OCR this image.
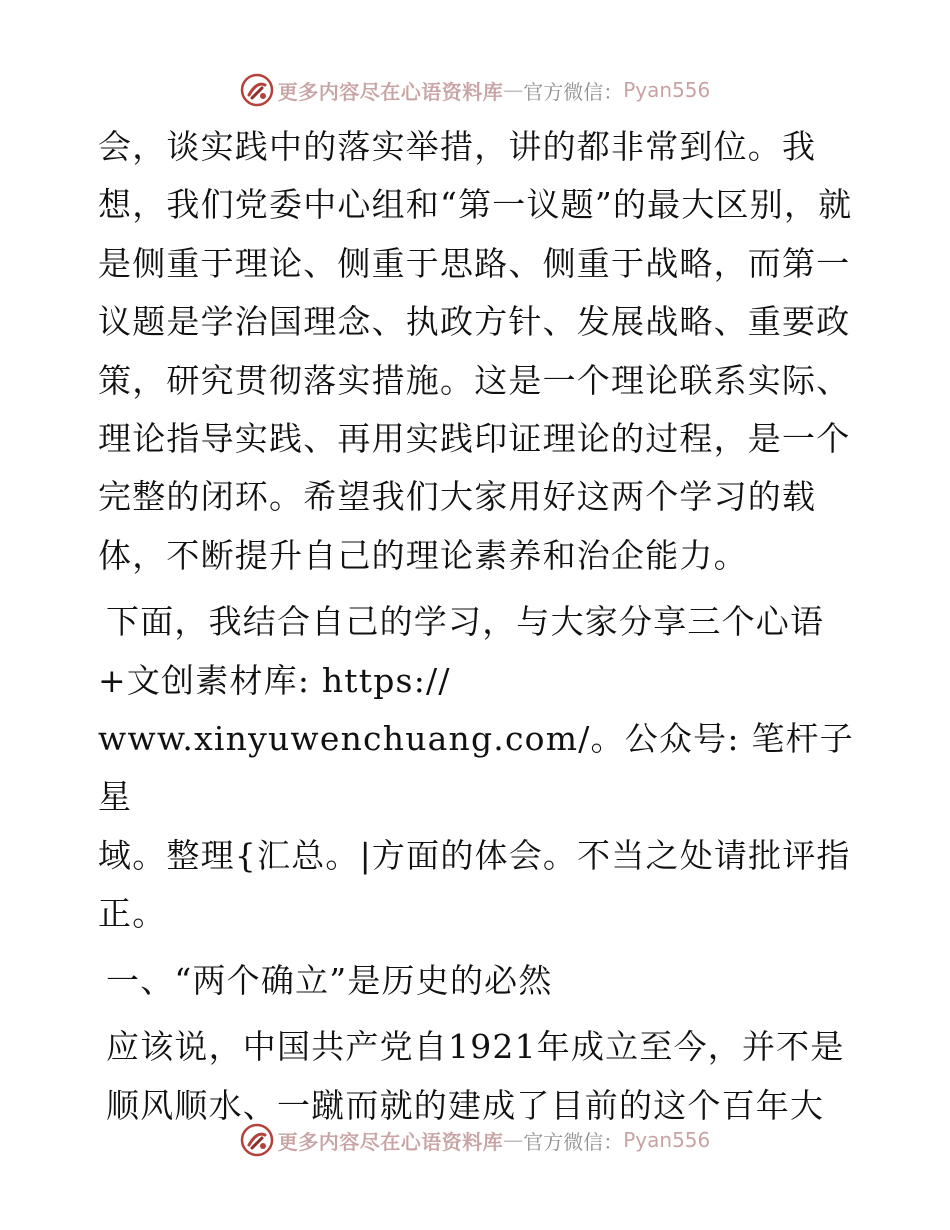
更多内容尽在心语资料库 — 官方微信： Pyan556

会，谈实践中的落实举措，讲的都非常到位。我想，我们党委中心组和“第一议题”的最大区别，就是侧重于理论、侧重于思路、侧重于战略，而第一议题是学治国理念、执政方针、发展战略、重要政策，研究贯彻落实措施。这是一个理论联系实际、理论指导实践、再用实践印证理论的过程，是一个完整的闭环。希望我们大家用好这两个学习的载体，不断提升自己的理论素养和治企能力。

下面，我结合自己的学习，与大家分享三个心语

+文创素材库: https://

www.xinyuwenchuang.com/。公众号: 笔杆子星

域。整理{汇总。|方面的体会。不当之处请批评指正。

一、“两个确立”是历史的必然

应该说，中国共产党自1921年成立至今，并不是顺风顺水、一蹴而就的建成了目前的这个百年大

更多内容尽在心语资料库 — 官方微信： Pyan556
